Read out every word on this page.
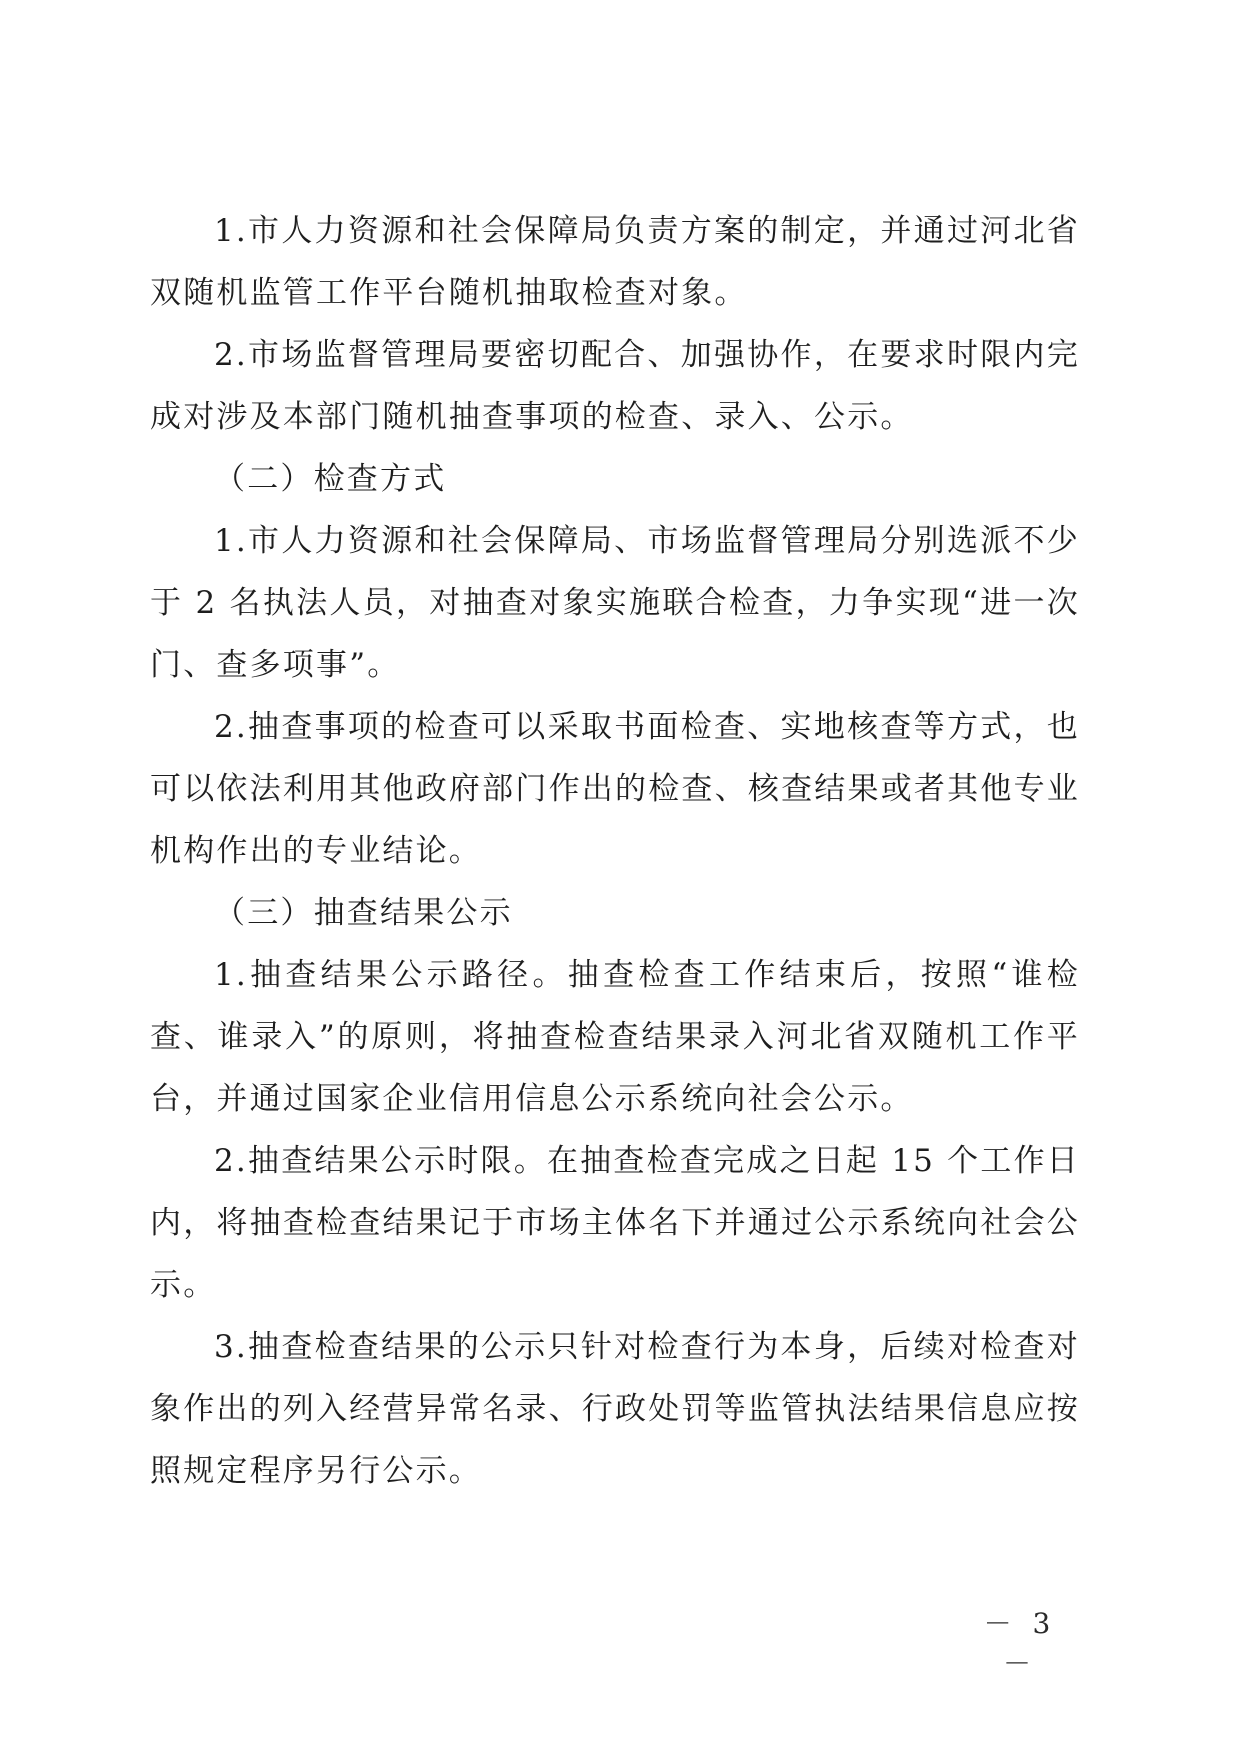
1.市人力资源和社会保障局负责方案的制定，并通过河北省双随机监管工作平台随机抽取检查对象。

2.市场监督管理局要密切配合、加强协作，在要求时限内完成对涉及本部门随机抽查事项的检查、录入、公示。

（二）检查方式

1.市人力资源和社会保障局、市场监督管理局分别选派不少于 2 名执法人员，对抽查对象实施联合检查，力争实现“进一次门、查多项事”。

2.抽查事项的检查可以采取书面检查、实地核查等方式，也可以依法利用其他政府部门作出的检查、核查结果或者其他专业机构作出的专业结论。

（三）抽查结果公示

1.抽查结果公示路径。抽查检查工作结束后，按照“谁检查、谁录入”的原则，将抽查检查结果录入河北省双随机工作平台，并通过国家企业信用信息公示系统向社会公示。

2.抽查结果公示时限。在抽查检查完成之日起 15 个工作日内，将抽查检查结果记于市场主体名下并通过公示系统向社会公示。

3.抽查检查结果的公示只针对检查行为本身，后续对检查对象作出的列入经营异常名录、行政处罚等监管执法结果信息应按照规定程序另行公示。

－ 3 －
